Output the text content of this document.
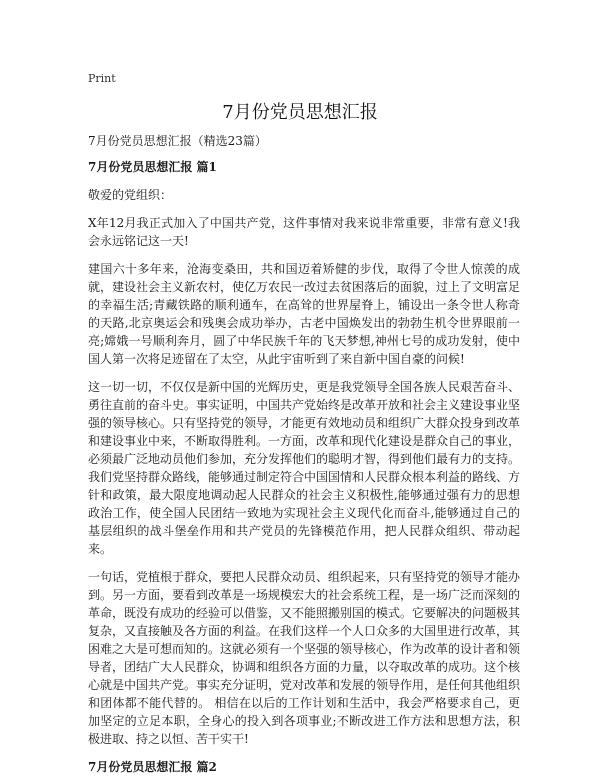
Print
7月份党员思想汇报
7月份党员思想汇报（精选23篇）
7月份党员思想汇报 篇1

敬爱的党组织：

X年12月我正式加入了中国共产党，这件事情对我来说非常重要，非常有意义!我会永远铭记这一天!

建国六十多年来，沧海变桑田，共和国迈着矫健的步伐，取得了令世人惊羡的成就，建设社会主义新农村，使亿万农民一改过去贫困落后的面貌，过上了文明富足的幸福生活;青藏铁路的顺利通车，在高耸的世界屋脊上，铺设出一条令世人称奇的天路,北京奥运会和残奥会成功举办，古老中国焕发出的勃勃生机令世界眼前一亮;嫦娥一号顺利奔月，圆了中华民族千年的飞天梦想,神州七号的成功发射，使中国人第一次将足迹留在了太空，从此宇宙听到了来自新中国自豪的问候!

这一切一切，不仅仅是新中国的光辉历史，更是我党领导全国各族人民艰苦奋斗、勇往直前的奋斗史。事实证明，中国共产党始终是改革开放和社会主义建设事业坚强的领导核心。只有坚持党的领导，才能更有效地动员和组织广大群众投身到改革和建设事业中来，不断取得胜利。一方面，改革和现代化建设是群众自己的事业，必须最广泛地动员他们参加，充分发挥他们的聪明才智，得到他们最有力的支持。我们党坚持群众路线，能够通过制定符合中国国情和人民群众根本利益的路线、方针和政策，最大限度地调动起人民群众的社会主义积极性,能够通过强有力的思想政治工作，使全国人民团结一致地为实现社会主义现代化而奋斗,能够通过自己的基层组织的战斗堡垒作用和共产党员的先锋模范作用，把人民群众组织、带动起来。

一句话，党植根于群众，要把人民群众动员、组织起来，只有坚持党的领导才能办到。另一方面，要看到改革是一场规模宏大的社会系统工程，是一场广泛而深刻的革命，既没有成功的经验可以借鉴，又不能照搬别国的模式。它要解决的问题极其复杂，又直接触及各方面的利益。在我们这样一个人口众多的大国里进行改革，其困难之大是可想而知的。这就必须有一个坚强的领导核心，作为改革的设计者和领导者，团结广大人民群众，协调和组织各方面的力量，以夺取改革的成功。这个核心就是中国共产党。事实充分证明，党对改革和发展的领导作用，是任何其他组织和团体都不能代替的。 相信在以后的工作计划和生活中，我会严格要求自己，更加坚定的立足本职，全身心的投入到各项事业;不断改进工作方法和思想方法，积极进取、持之以恒、苦干实干!

7月份党员思想汇报 篇2
